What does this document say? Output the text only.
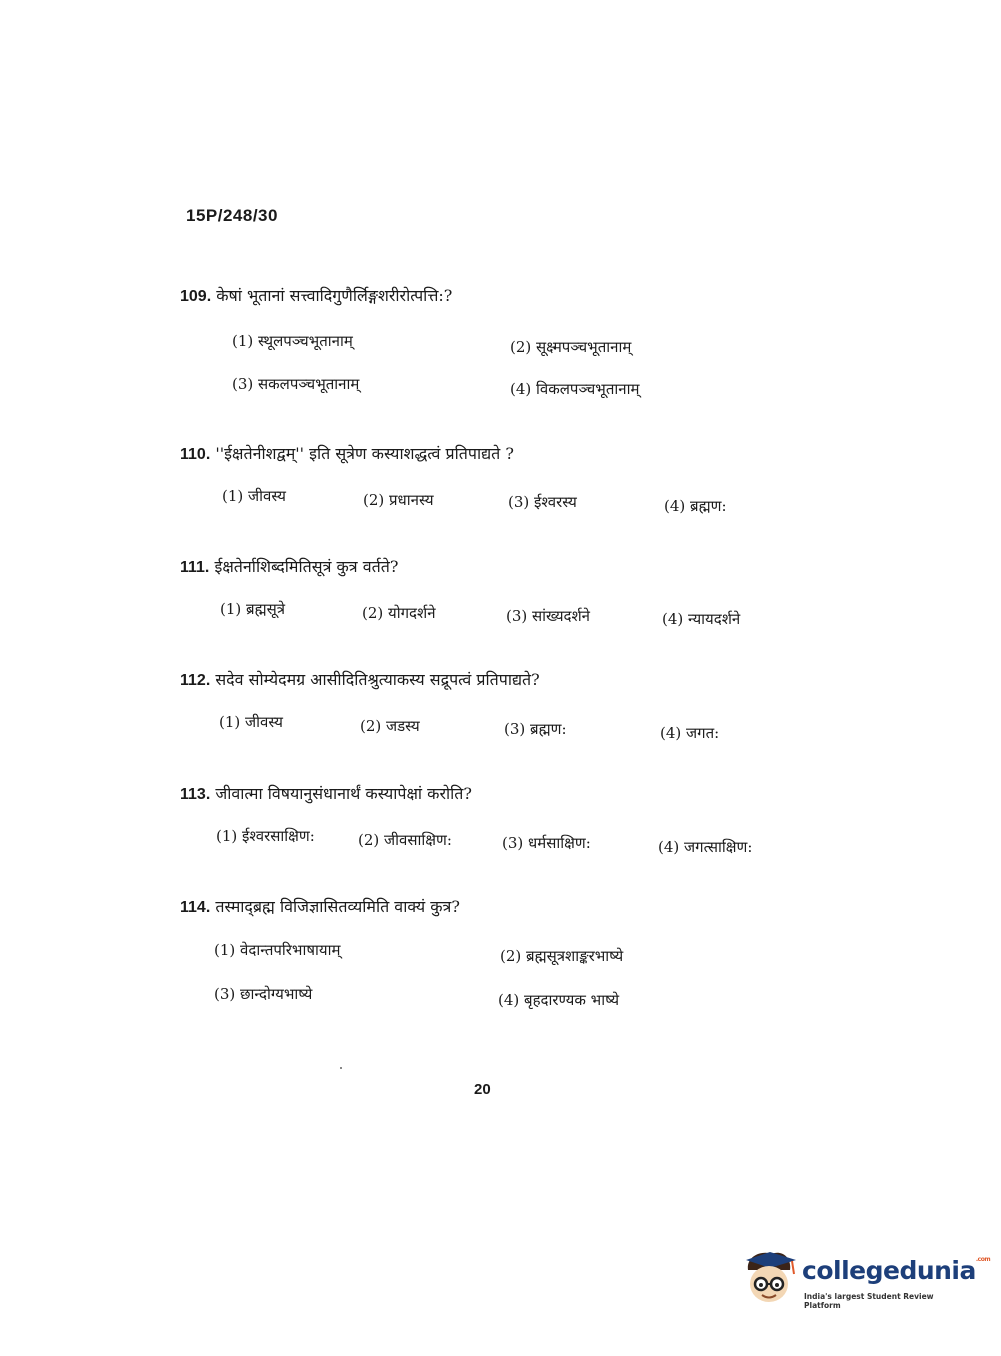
15P/248/30
109. केषां भूतानां सत्त्वादिगुणैर्लिङ्गशरीरोत्पत्ति:?
(1) स्थूलपञ्चभूतानाम्	(2) सूक्ष्मपञ्चभूतानाम्
(3) सकलपञ्चभूतानाम्	(4) विकलपञ्चभूतानाम्
110. ''ईक्षतेनीशद्वम्'' इति सूत्रेण कस्याशद्धत्वं प्रतिपाद्यते ?
(1) जीवस्य	(2) प्रधानस्य	(3) ईश्वरस्य	(4) ब्रह्मण:
111. ईक्षतेर्नाशिब्दमितिसूत्रं कुत्र वर्तते?
(1) ब्रह्मसूत्रे	(2) योगदर्शने	(3) सांख्यदर्शने	(4) न्यायदर्शने
112. सदेव सोम्येदमग्र आसीदितिश्रुत्याकस्य सद्रूपत्वं प्रतिपाद्यते?
(1) जीवस्य	(2) जडस्य	(3) ब्रह्मण:	(4) जगत:
113. जीवात्मा विषयानुसंधानार्थं कस्यापेक्षां करोति?
(1) ईश्वरसाक्षिण:	(2) जीवसाक्षिण:	(3) धर्मसाक्षिण:	(4) जगत्साक्षिण:
114. तस्माद्ब्रह्म विजिज्ञासितव्यमिति वाक्यं कुत्र?
(1) वेदान्तपरिभाषायाम्	(2) ब्रह्मसूत्रशाङ्करभाष्ये
(3) छान्दोग्यभाष्ये	(4) बृहदारण्यक भाष्ये
20
collegedunia$^{.com}$
India's largest Student Review Platform
